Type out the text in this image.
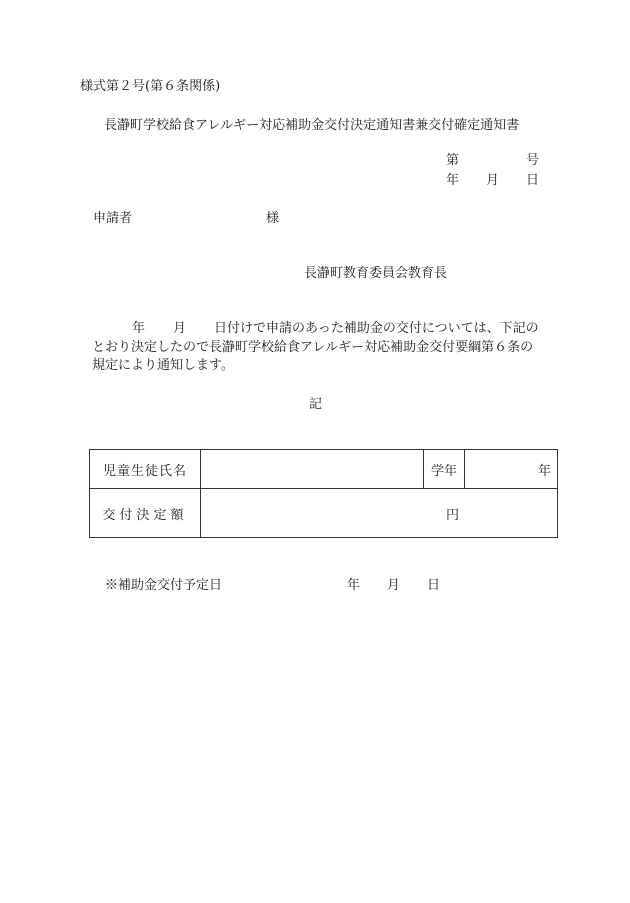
様式第２号(第６条関係)
長瀞町学校給食アレルギー対応補助金交付決定通知書兼交付確定通知書
第	号
年 月 日
申請者	様
長瀞町教育委員会教育長
年 月 日付けで申請のあった補助金の交付については、下記の
とおり決定したので長瀞町学校給食アレルギー対応補助金交付要綱第６条の
規定により通知します。
記
児童生徒氏名		学年	年
交付決定額	円		
※補助金交付予定日	年 月 日
